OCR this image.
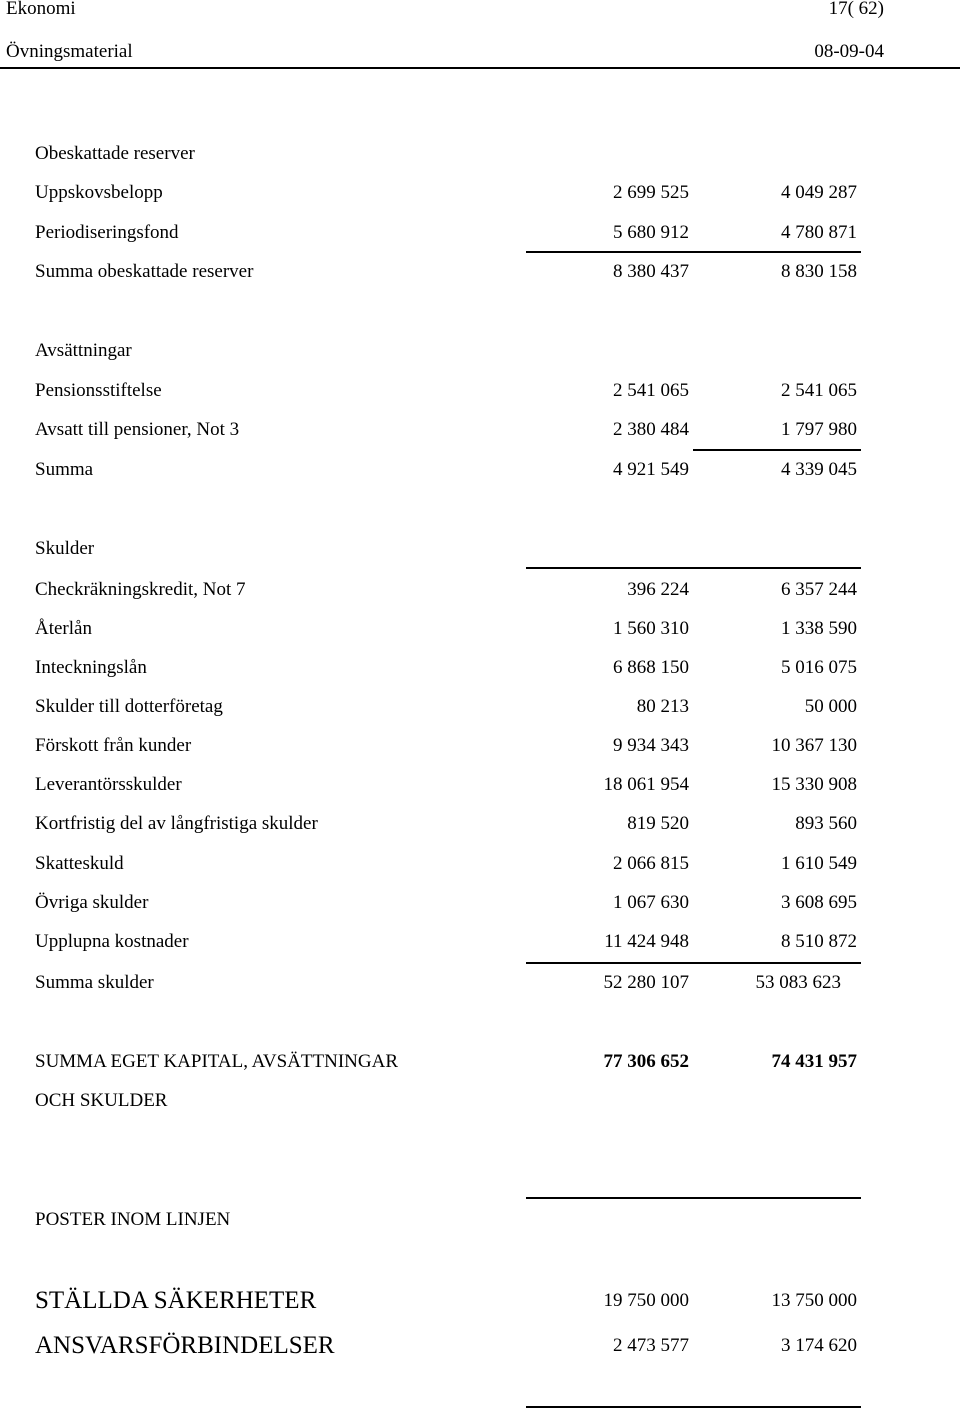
Ekonomi	17( 62)
Övningsmaterial	08-09-04
Obeskattade reserver
Uppskovsbelopp	2 699 525	4 049 287
Periodiseringsfond	5 680 912	4 780 871
Summa obeskattade reserver	8 380 437	8 830 158
Avsättningar
Pensionsstiftelse	2 541 065	2 541 065
Avsatt till pensioner, Not 3	2 380 484	1 797 980
Summa	4 921 549	4 339 045
Skulder
Checkräkningskredit, Not 7	396 224	6 357 244
Återlån	1 560 310	1 338 590
Inteckningslån	6 868 150	5 016 075
Skulder till dotterföretag	80 213	50 000
Förskott från kunder	9 934 343	10 367 130
Leverantörsskulder	18 061 954	15 330 908
Kortfristig del av långfristiga skulder	819 520	893 560
Skatteskuld	2 066 815	1 610 549
Övriga skulder	1 067 630	3 608 695
Upplupna kostnader	11 424 948	8 510 872
Summa skulder	52 280 107	53 083 623
SUMMA EGET KAPITAL, AVSÄTTNINGAR	77 306 652	74 431 957
OCH SKULDER
POSTER INOM LINJEN
STÄLLDA SÄKERHETER	19 750 000	13 750 000
ANSVARSFÖRBINDELSER	2 473 577	3 174 620
